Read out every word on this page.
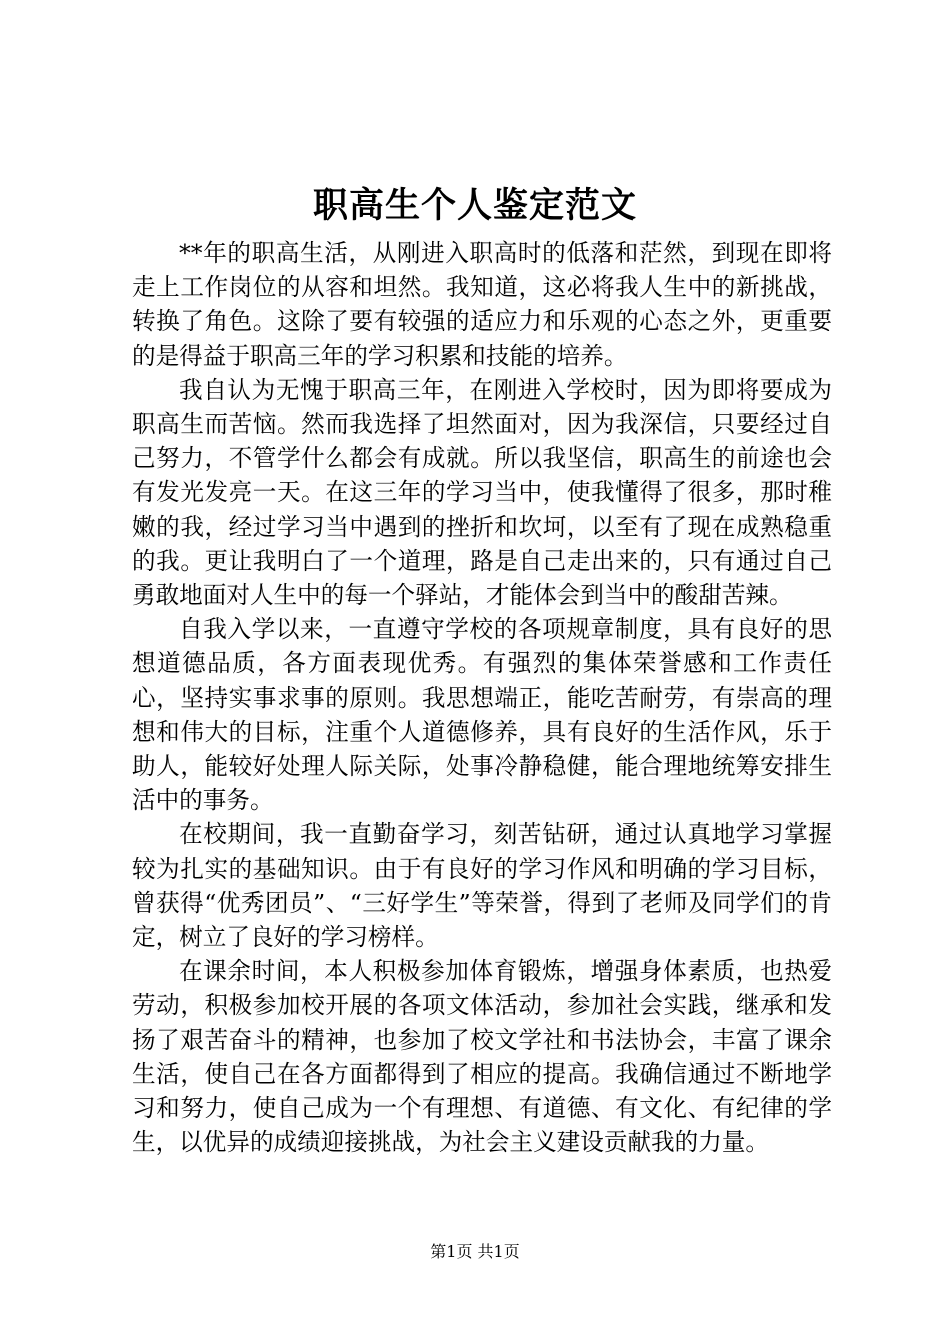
职高生个人鉴定范文

**年的职高生活，从刚进入职高时的低落和茫然，到现在即将走上工作岗位的从容和坦然。我知道，这必将我人生中的新挑战，转换了角色。这除了要有较强的适应力和乐观的心态之外，更重要的是得益于职高三年的学习积累和技能的培养。

我自认为无愧于职高三年，在刚进入学校时，因为即将要成为职高生而苦恼。然而我选择了坦然面对，因为我深信，只要经过自己努力，不管学什么都会有成就。所以我坚信，职高生的前途也会有发光发亮一天。在这三年的学习当中，使我懂得了很多，那时稚嫩的我，经过学习当中遇到的挫折和坎坷，以至有了现在成熟稳重的我。更让我明白了一个道理，路是自己走出来的，只有通过自己勇敢地面对人生中的每一个驿站，才能体会到当中的酸甜苦辣。

自我入学以来，一直遵守学校的各项规章制度，具有良好的思想道德品质，各方面表现优秀。有强烈的集体荣誉感和工作责任心，坚持实事求事的原则。我思想端正，能吃苦耐劳，有崇高的理想和伟大的目标，注重个人道德修养，具有良好的生活作风，乐于助人，能较好处理人际关际，处事冷静稳健，能合理地统筹安排生活中的事务。

在校期间，我一直勤奋学习，刻苦钻研，通过认真地学习掌握较为扎实的基础知识。由于有良好的学习作风和明确的学习目标，曾获得“优秀团员”、“三好学生”等荣誉，得到了老师及同学们的肯定，树立了良好的学习榜样。

在课余时间，本人积极参加体育锻炼，增强身体素质，也热爱劳动，积极参加校开展的各项文体活动，参加社会实践，继承和发扬了艰苦奋斗的精神，也参加了校文学社和书法协会，丰富了课余生活，使自己在各方面都得到了相应的提高。我确信通过不断地学习和努力，使自己成为一个有理想、有道德、有文化、有纪律的学生，以优异的成绩迎接挑战，为社会主义建设贡献我的力量。

第1页 共1页
